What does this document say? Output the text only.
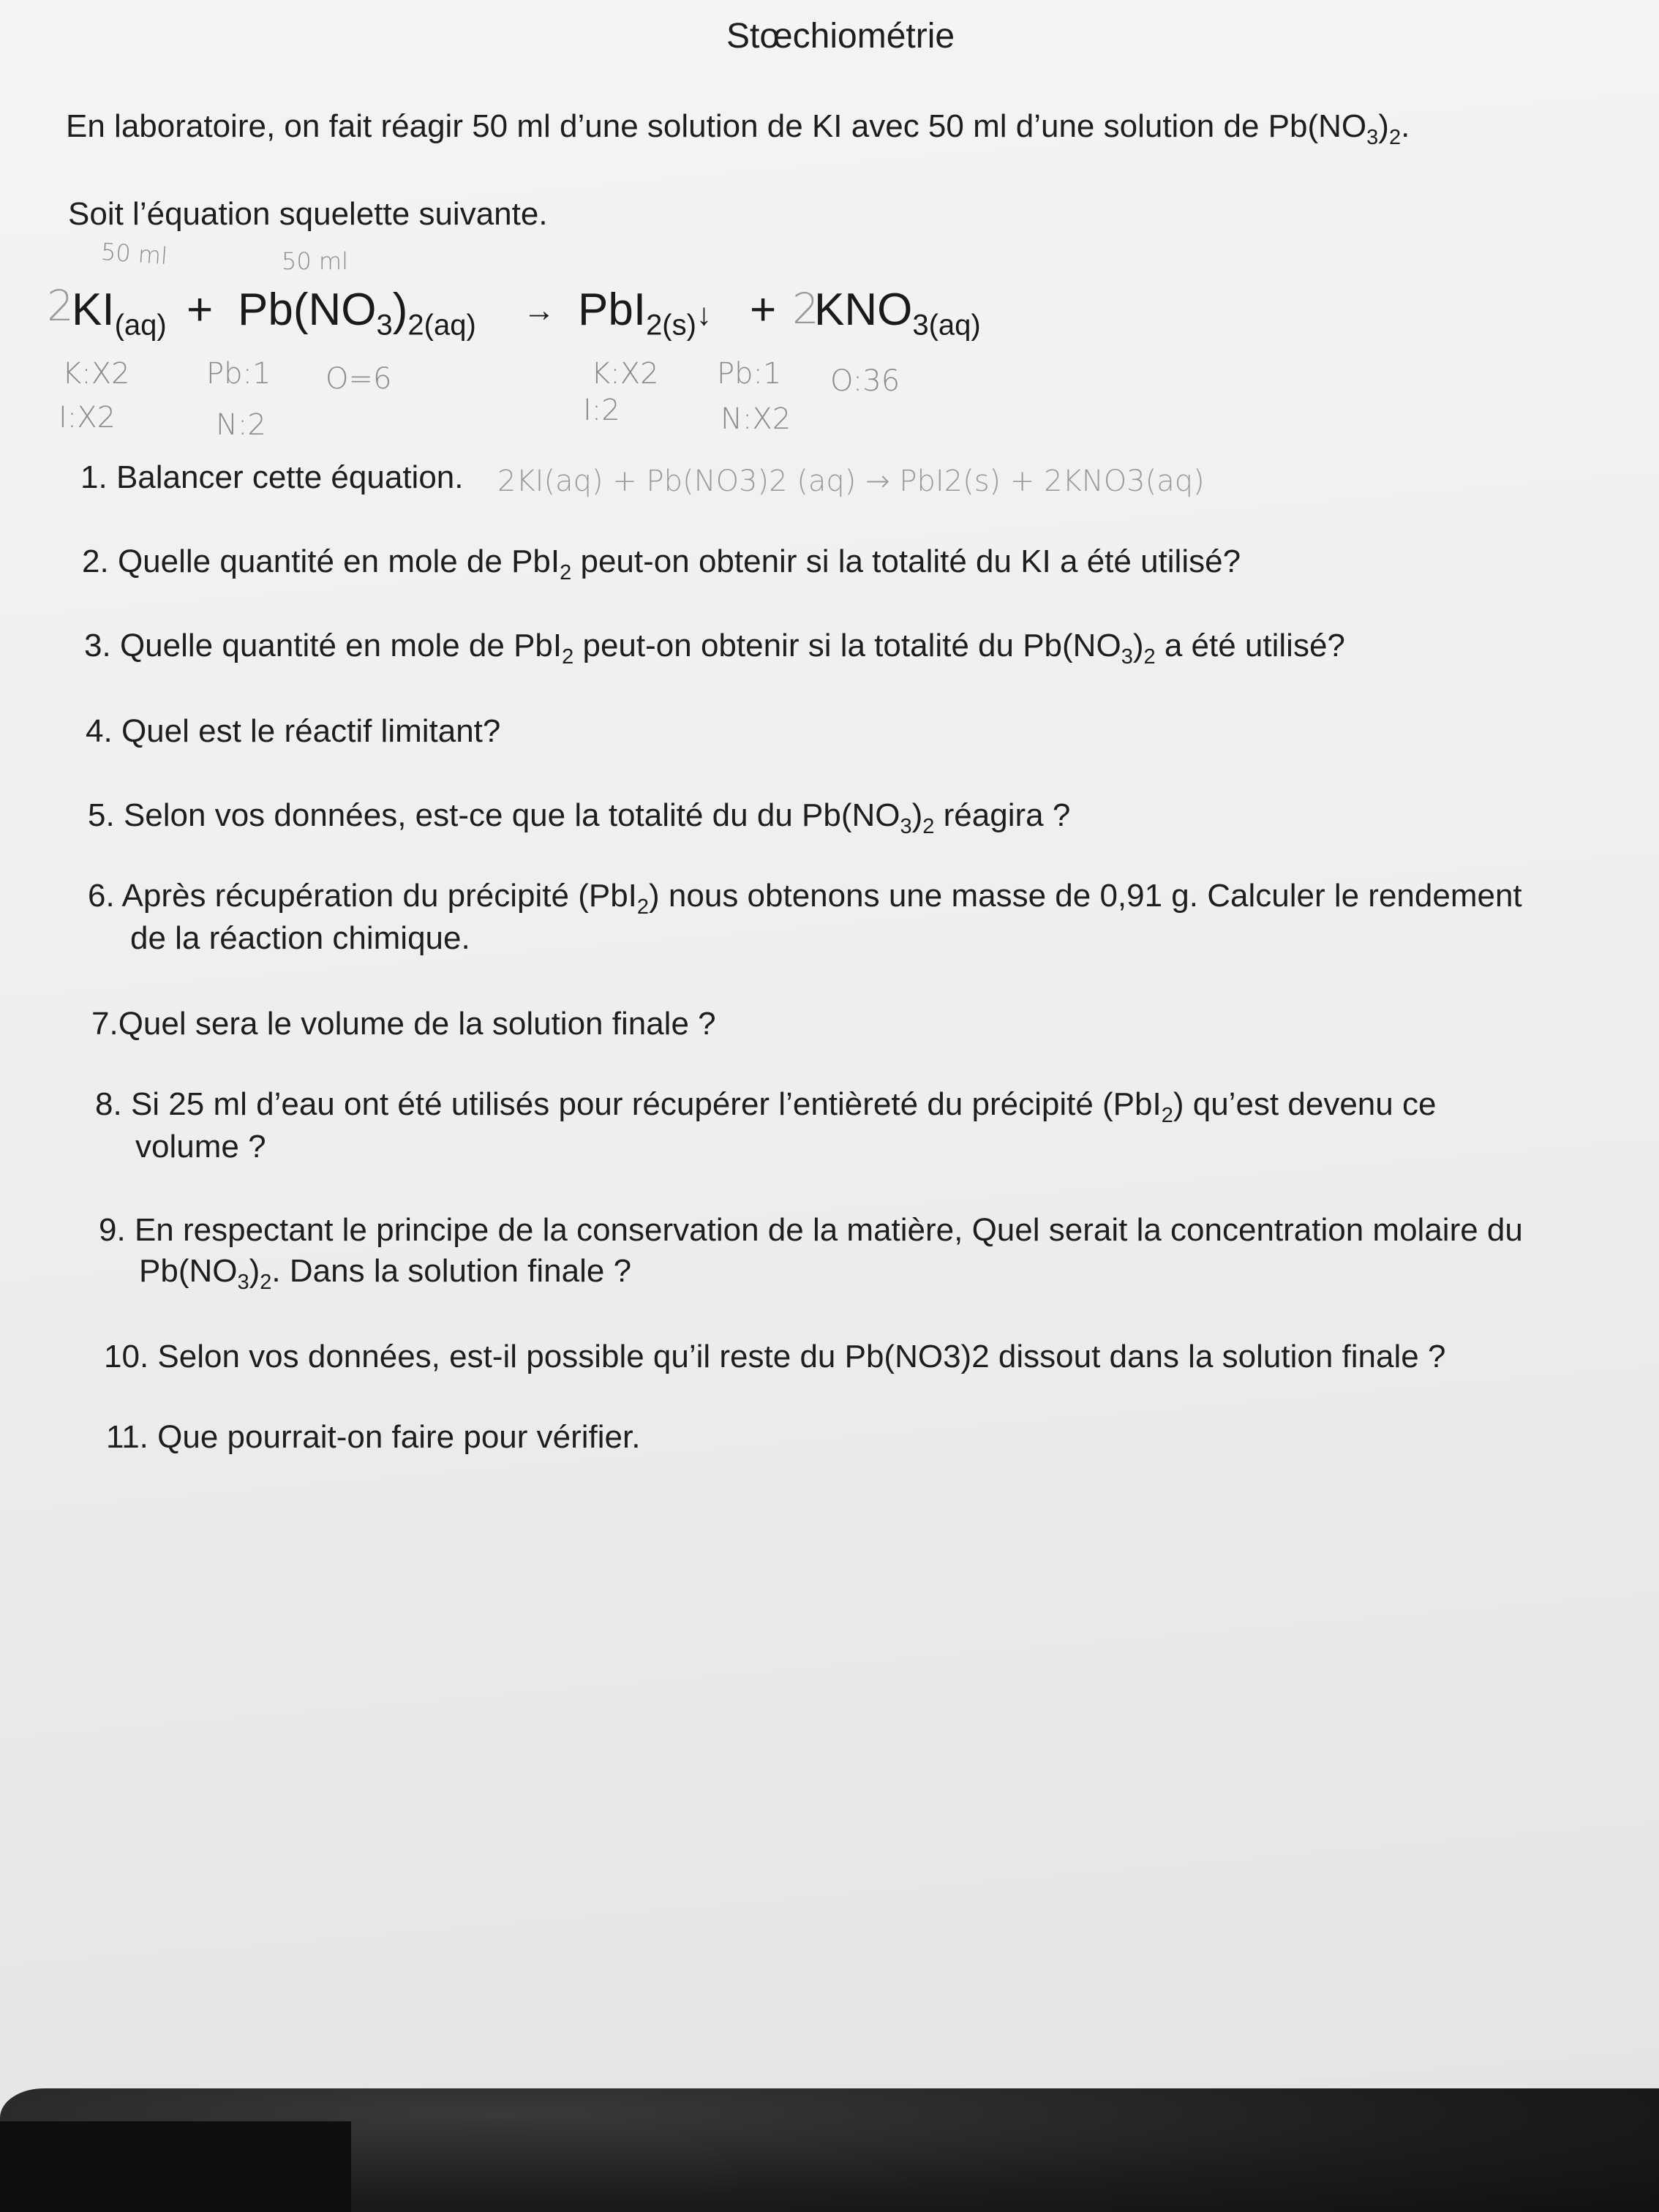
Stœchiométrie
En laboratoire, on fait réagir 50 ml d’une solution de KI avec 50 ml d’une solution de $Pb(NO_3)_2$.
Soit l’équation squelette suivante.
50 ml	50 ml
2
$KI_{(aq)} + Pb(NO_3)_{2(aq)}$ → PbI$_{2(s)}$↓ + 2
$KNO_{3(aq)}$
K:X2
I:X2
Pb:1
N:2
O=6	K:X2
I:2
Pb:1
N:X2
O:36
1. Balancer cette équation. 2KI(aq) + Pb(NO3)2 (aq) → PbI2(s) + 2KNO3(aq)
2. Quelle quantité en mole de PbI$_2$ peut-on obtenir si la totalité du KI a été utilisé?
3. Quelle quantité en mole de PbI$_2$ peut-on obtenir si la totalité du $Pb(NO_3)_2$ a été utilisé?
4. Quel est le réactif limitant?
5. Selon vos données, est-ce que la totalité du du $Pb(NO_3)_2$ réagira ?
6. Après récupération du précipité (PbI$_2$) nous obtenons une masse de 0,91 g. Calculer le rendement
de la réaction chimique.
7.Quel sera le volume de la solution finale ?
8. Si 25 ml d’eau ont été utilisés pour récupérer l’entièreté du précipité (PbI$_2$) qu’est devenu ce
volume ?
9. En respectant le principe de la conservation de la matière, Quel serait la concentration molaire du
$Pb(NO_3)_2$. Dans la solution finale ?
10. Selon vos données, est-il possible qu’il reste du Pb(NO3)2 dissout dans la solution finale ?
11. Que pourrait-on faire pour vérifier.
